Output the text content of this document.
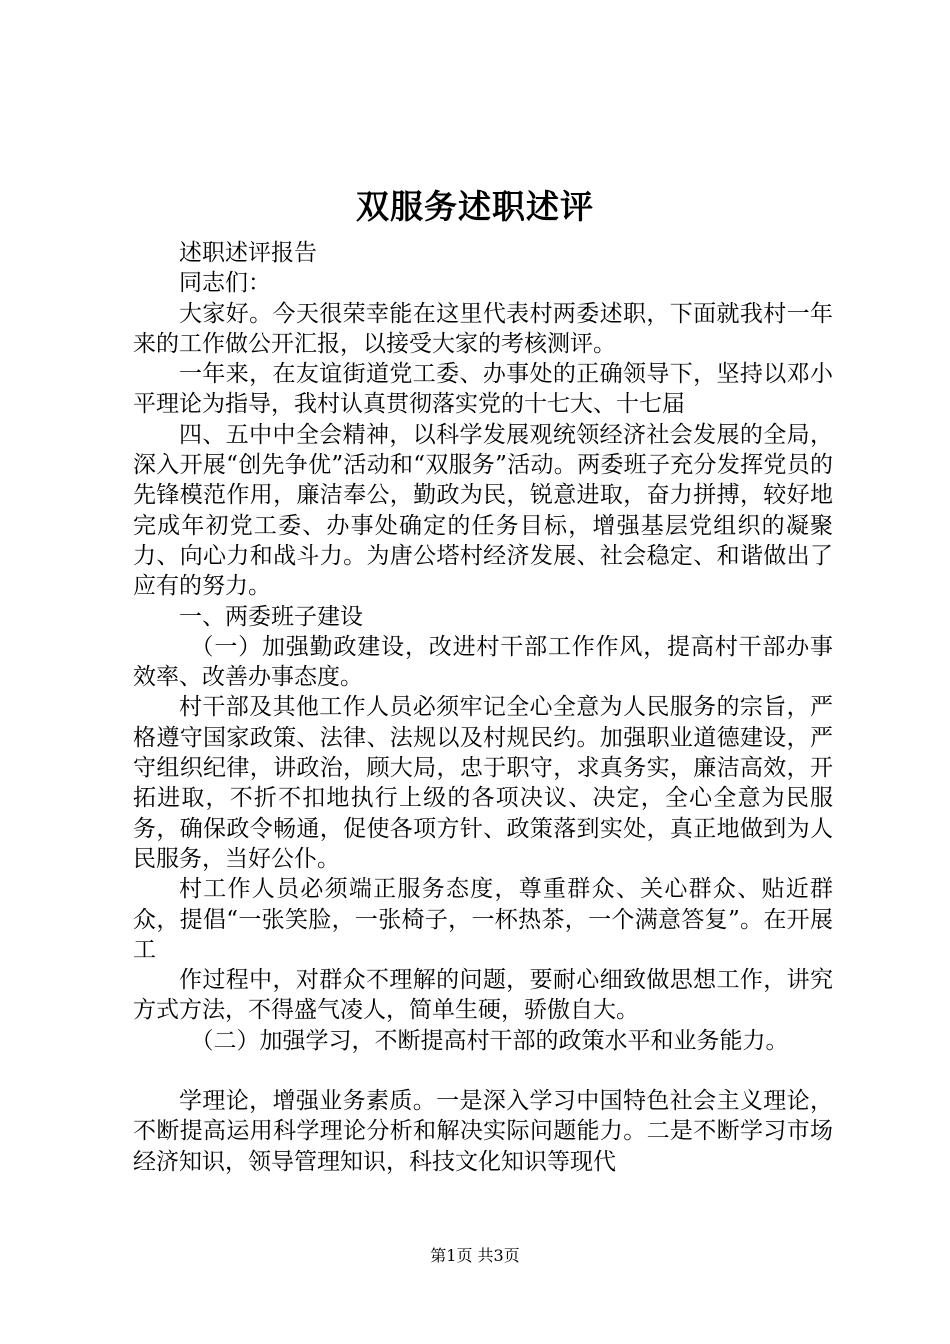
双服务述职述评

述职述评报告

同志们：

大家好。今天很荣幸能在这里代表村两委述职，下面就我村一年来的工作做公开汇报，以接受大家的考核测评。

一年来，在友谊街道党工委、办事处的正确领导下，坚持以邓小平理论为指导，我村认真贯彻落实党的十七大、十七届

四、五中中全会精神，以科学发展观统领经济社会发展的全局，深入开展“创先争优”活动和“双服务”活动。两委班子充分发挥党员的先锋模范作用，廉洁奉公，勤政为民，锐意进取，奋力拼搏，较好地完成年初党工委、办事处确定的任务目标，增强基层党组织的凝聚力、向心力和战斗力。为唐公塔村经济发展、社会稳定、和谐做出了应有的努力。

一、两委班子建设

（一）加强勤政建设，改进村干部工作作风，提高村干部办事效率、改善办事态度。

村干部及其他工作人员必须牢记全心全意为人民服务的宗旨，严格遵守国家政策、法律、法规以及村规民约。加强职业道德建设，严守组织纪律，讲政治，顾大局，忠于职守，求真务实，廉洁高效，开拓进取，不折不扣地执行上级的各项决议、决定，全心全意为民服务，确保政令畅通，促使各项方针、政策落到实处，真正地做到为人民服务，当好公仆。

村工作人员必须端正服务态度，尊重群众、关心群众、贴近群众，提倡“一张笑脸，一张椅子，一杯热茶，一个满意答复”。在开展工

作过程中，对群众不理解的问题，要耐心细致做思想工作，讲究方式方法，不得盛气凌人，简单生硬，骄傲自大。

（二）加强学习，不断提高村干部的政策水平和业务能力。

学理论，增强业务素质。一是深入学习中国特色社会主义理论，不断提高运用科学理论分析和解决实际问题能力。二是不断学习市场经济知识，领导管理知识，科技文化知识等现代

第1页 共3页
